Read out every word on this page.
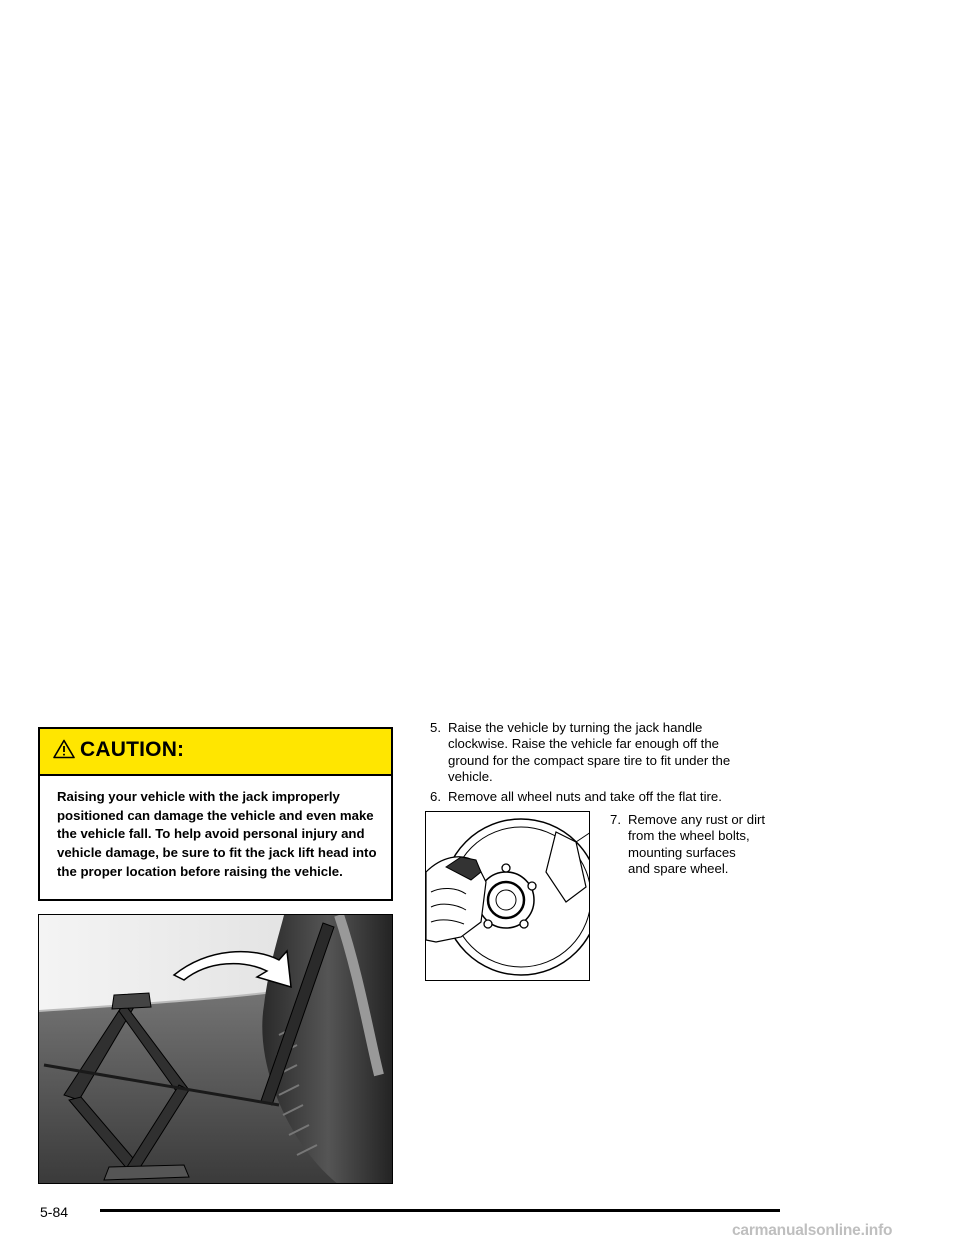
CAUTION:
Raising your vehicle with the jack improperly positioned can damage the vehicle and even make the vehicle fall. To help avoid personal injury and vehicle damage, be sure to fit the jack lift head into the proper location before raising the vehicle.
5. Raise the vehicle by turning the jack handle
clockwise. Raise the vehicle far enough off the
ground for the compact spare tire to fit under the
vehicle.
6. Remove all wheel nuts and take off the flat tire.
7. Remove any rust or dirt
from the wheel bolts,
mounting surfaces
and spare wheel.
5-84
carmanualsonline.info
